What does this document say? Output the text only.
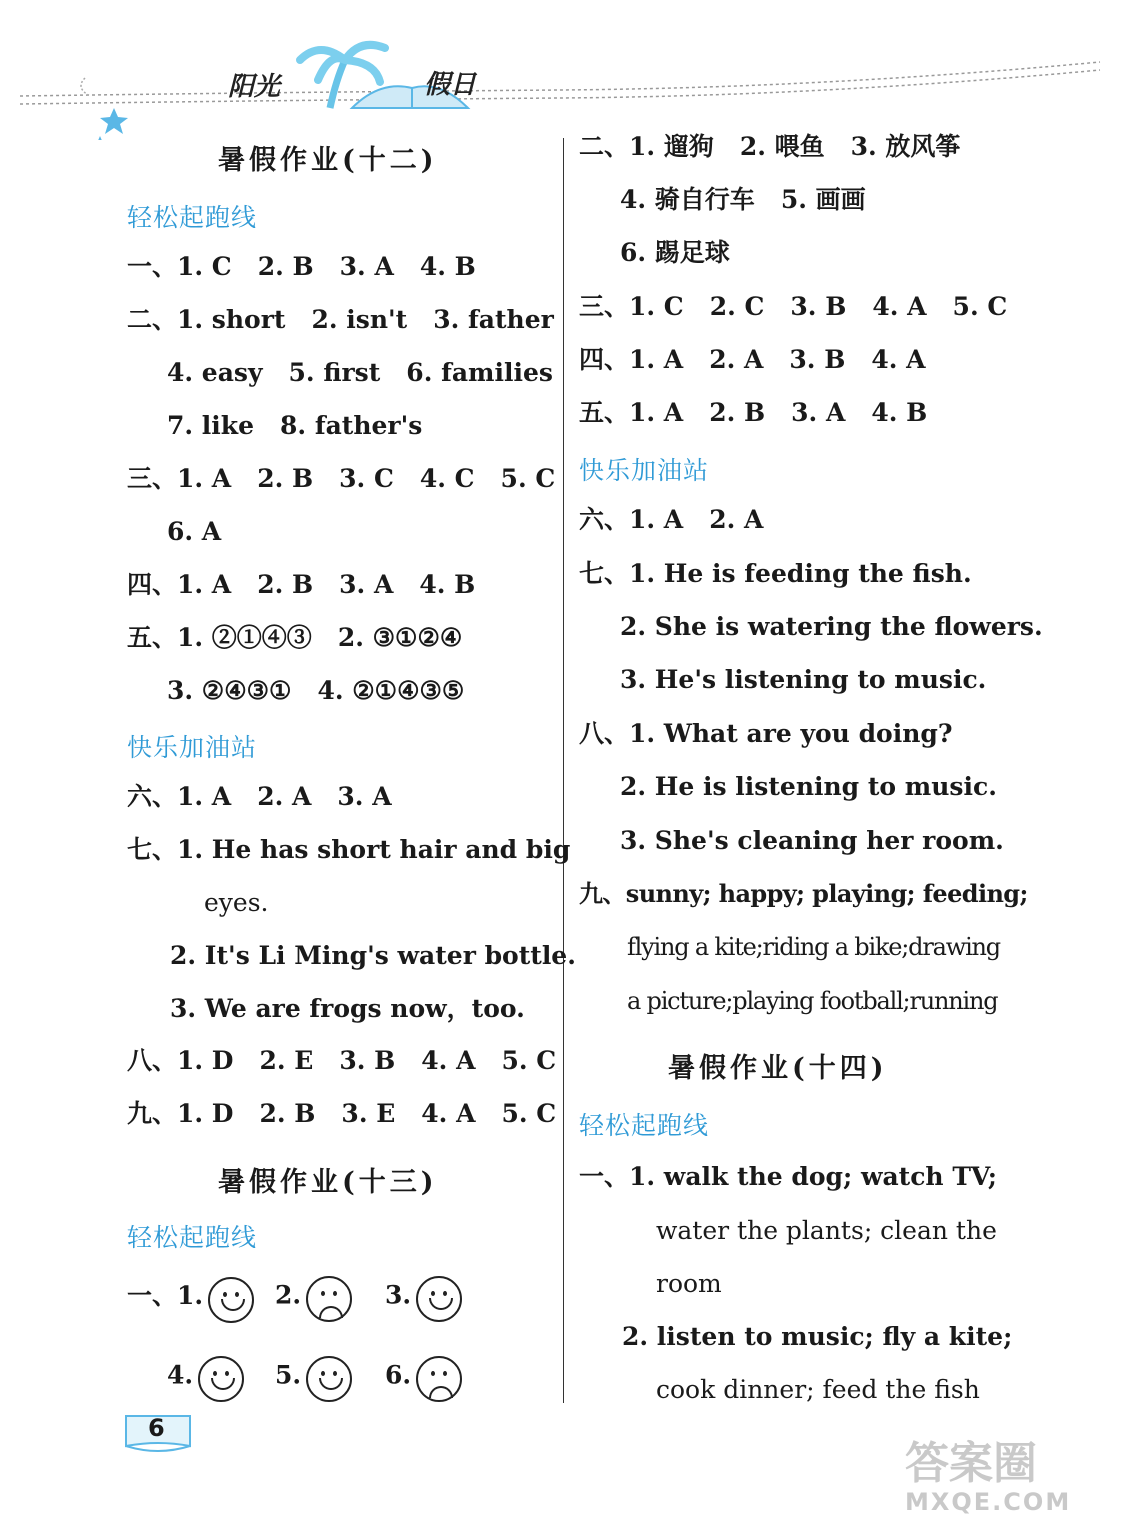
阳光	假日
暑假作业(十二)
轻松起跑线
一、1. C 2. B 3. A 4. B
二、1. short 2. isn't 3. father
4. easy 5. first 6. families
7. like 8. father's
三、1. A 2. B 3. C 4. C 5. C
6. A
四、1. A 2. B 3. A 4. B
五、1. ②①④③ 2. ③①②④
3. ②④③① 4. ②①④③⑤
快乐加油站
六、1. A 2. A 3. A
七、1. He has short hair and big
eyes.
2. It's Li Ming's water bottle.
3. We are frogs now，too.
八、1. D 2. E 3. B 4. A 5. C
九、1. D 2. B 3. E 4. A 5. C
暑假作业(十三)
轻松起跑线
一、1.	2.	3.
4.	5.	6.
二、1. 遛狗 2. 喂鱼 3. 放风筝
4. 骑自行车 5. 画画
6. 踢足球
三、1. C 2. C 3. B 4. A 5. C
四、1. A 2. A 3. B 4. A
五、1. A 2. B 3. A 4. B
快乐加油站
六、1. A 2. A
七、1. He is feeding the fish.
2. She is watering the flowers.
3. He's listening to music.
八、1. What are you doing?
2. He is listening to music.
3. She's cleaning her room.
九、sunny; happy; playing; feeding;
flying a kite;riding a bike;drawing
a picture;playing football;running
暑假作业(十四)
轻松起跑线
一、1. walk the dog; watch TV;
water the plants; clean the
room
2. listen to music; fly a kite;
cook dinner; feed the fish
6
答案圈
MXQE.COM
